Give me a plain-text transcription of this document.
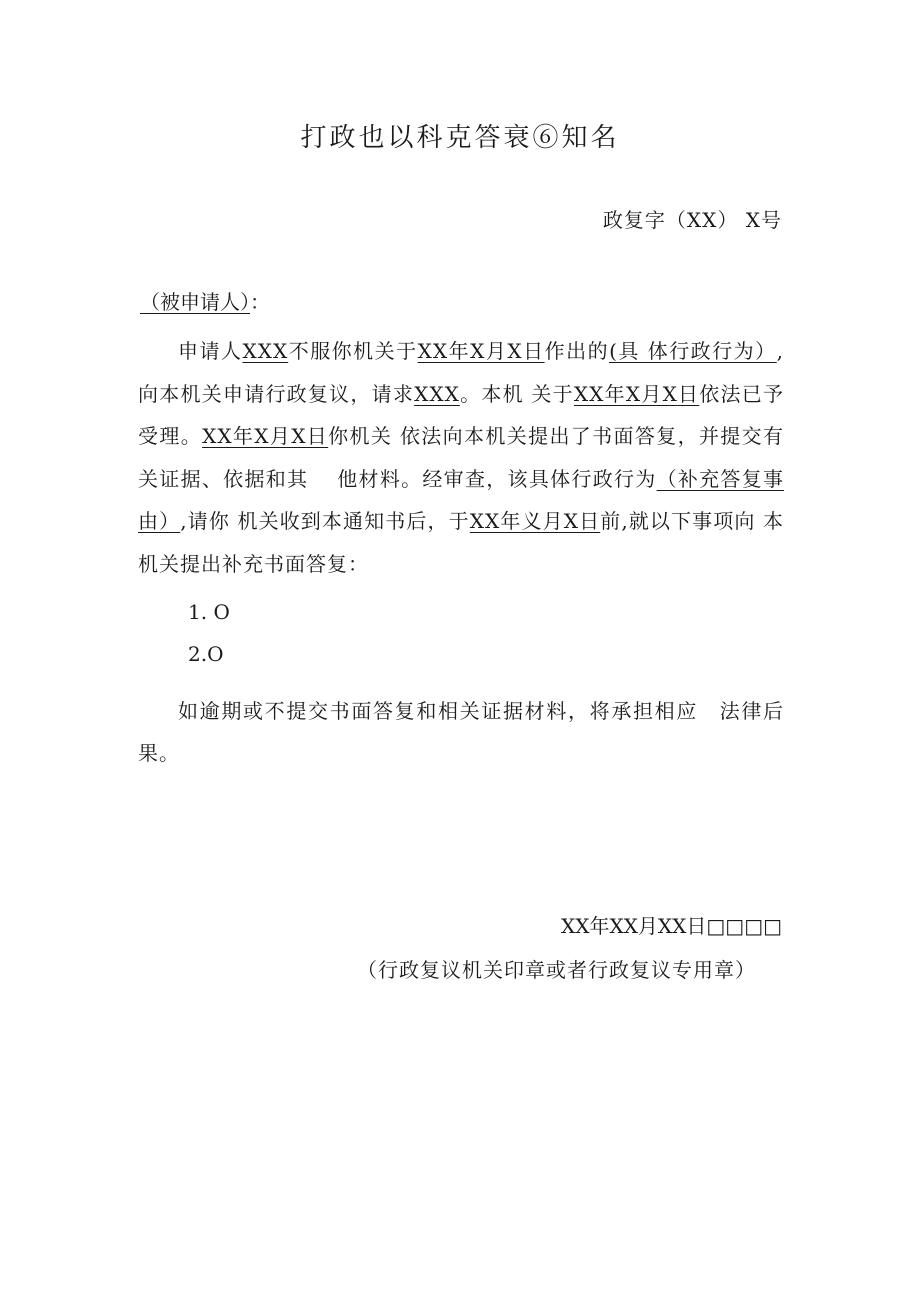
打政也以科克答衰⑥知名
政复字（XX） X号
（被申请人）：

申请人XXX不服你机关于XX年X月X日作出的(具 体行政行为）,向本机关申请行政复议，请求XXX。本机 关于XX年X月X日依法已予受理。XX年X月X日你机关 依法向本机关提出了书面答复，并提交有关证据、依据和其　 他材料。经审查，该具体行政行为（补充答复事由）,请你 机关收到本通知书后，于XX年义月X日前,就以下事项向 本机关提出补充书面答复：

1. O
2.O

如逾期或不提交书面答复和相关证据材料，将承担相应　法律后果。

XX年XX月XX日□□□□
（行政复议机关印章或者行政复议专用章）
